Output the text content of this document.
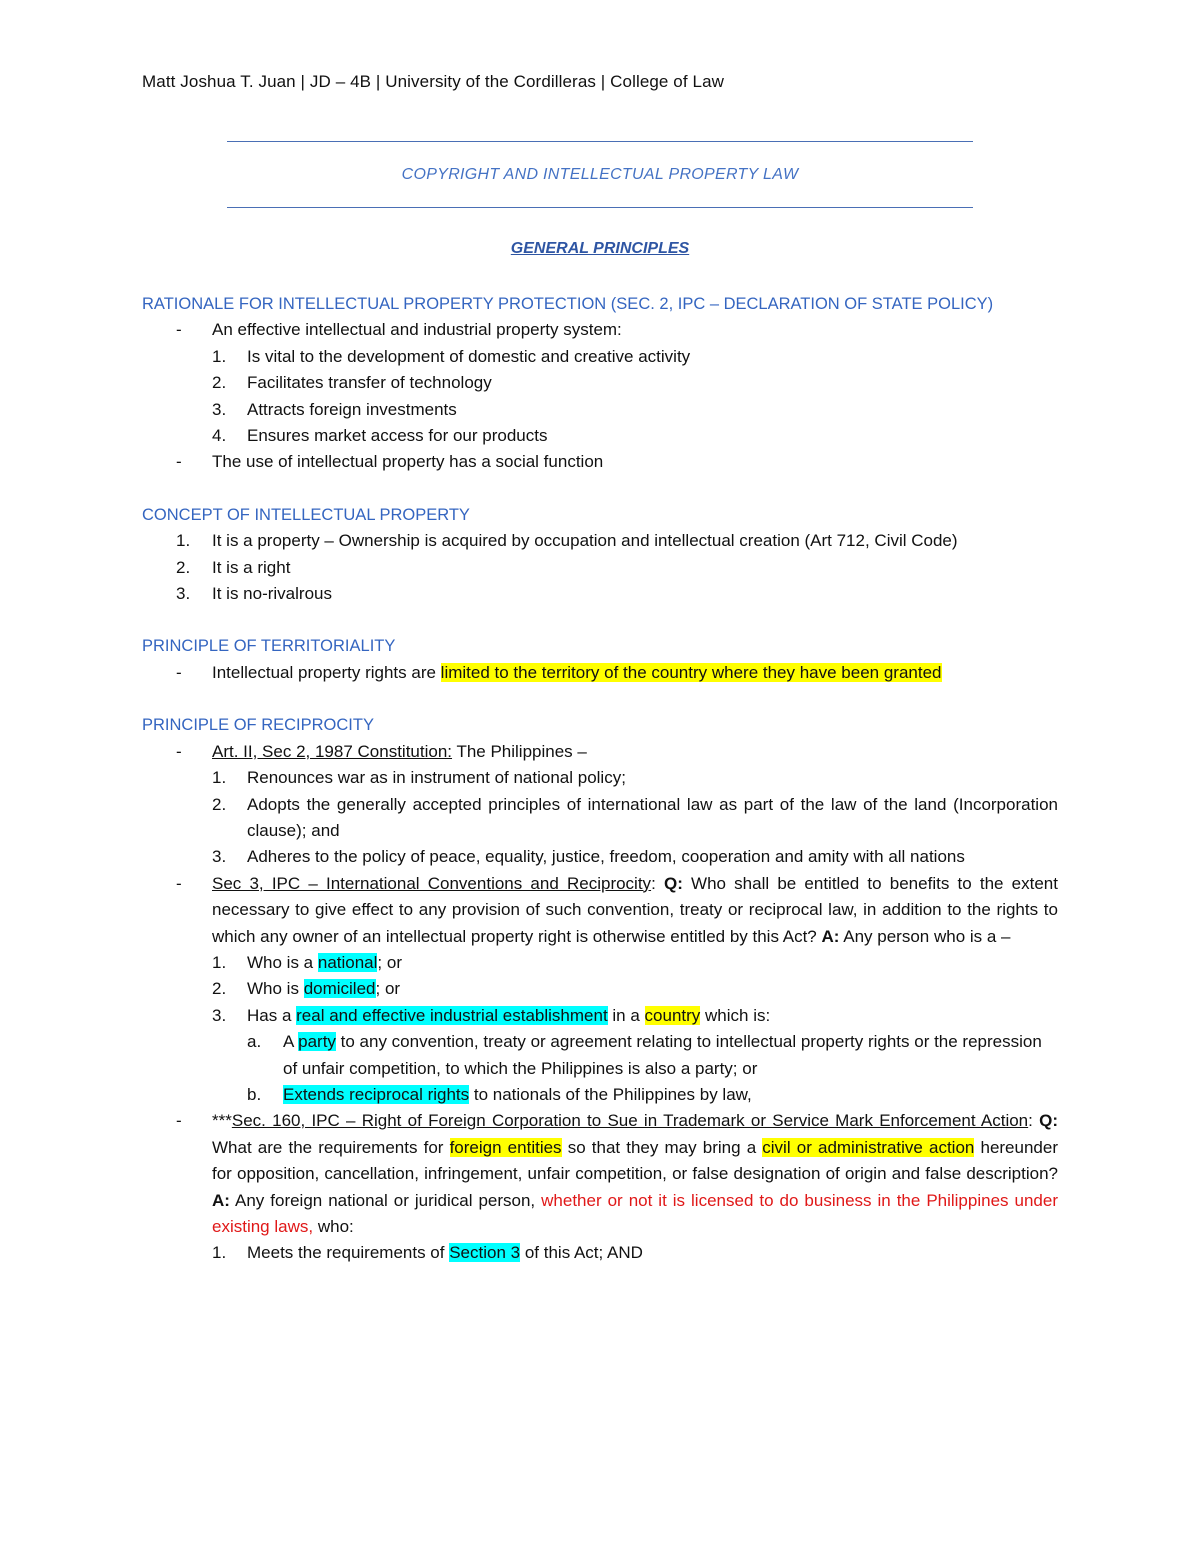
Matt Joshua T. Juan | JD – 4B | University of the Cordilleras | College of Law
COPYRIGHT AND INTELLECTUAL PROPERTY LAW
GENERAL PRINCIPLES
RATIONALE FOR INTELLECTUAL PROPERTY PROTECTION (SEC. 2, IPC – DECLARATION OF STATE POLICY)
-	An effective intellectual and industrial property system:
1.	Is vital to the development of domestic and creative activity
2.	Facilitates transfer of technology
3.	Attracts foreign investments
4.	Ensures market access for our products
-	The use of intellectual property has a social function
CONCEPT OF INTELLECTUAL PROPERTY
1.	It is a property – Ownership is acquired by occupation and intellectual creation (Art 712, Civil Code)
2.	It is a right
3.	It is no-rivalrous
PRINCIPLE OF TERRITORIALITY
-	Intellectual property rights are limited to the territory of the country where they have been granted
PRINCIPLE OF RECIPROCITY
-	Art. II, Sec 2, 1987 Constitution: The Philippines –
1.	Renounces war as in instrument of national policy;
2.	Adopts the generally accepted principles of international law as part of the law of the land (Incorporation clause); and
3.	Adheres to the policy of peace, equality, justice, freedom, cooperation and amity with all nations
-	Sec 3, IPC – International Conventions and Reciprocity: Q: Who shall be entitled to benefits to the extent necessary to give effect to any provision of such convention, treaty or reciprocal law, in addition to the rights to which any owner of an intellectual property right is otherwise entitled by this Act? A: Any person who is a –
1.	Who is a national; or
2.	Who is domiciled; or
3.	Has a real and effective industrial establishment in a country which is:
a.	A party to any convention, treaty or agreement relating to intellectual property rights or the repression of unfair competition, to which the Philippines is also a party; or
b.	Extends reciprocal rights to nationals of the Philippines by law,
-	***Sec. 160, IPC – Right of Foreign Corporation to Sue in Trademark or Service Mark Enforcement Action: Q: What are the requirements for foreign entities so that they may bring a civil or administrative action hereunder for opposition, cancellation, infringement, unfair competition, or false designation of origin and false description? A: Any foreign national or juridical person, whether or not it is licensed to do business in the Philippines under existing laws, who:
1.	Meets the requirements of Section 3 of this Act; AND
